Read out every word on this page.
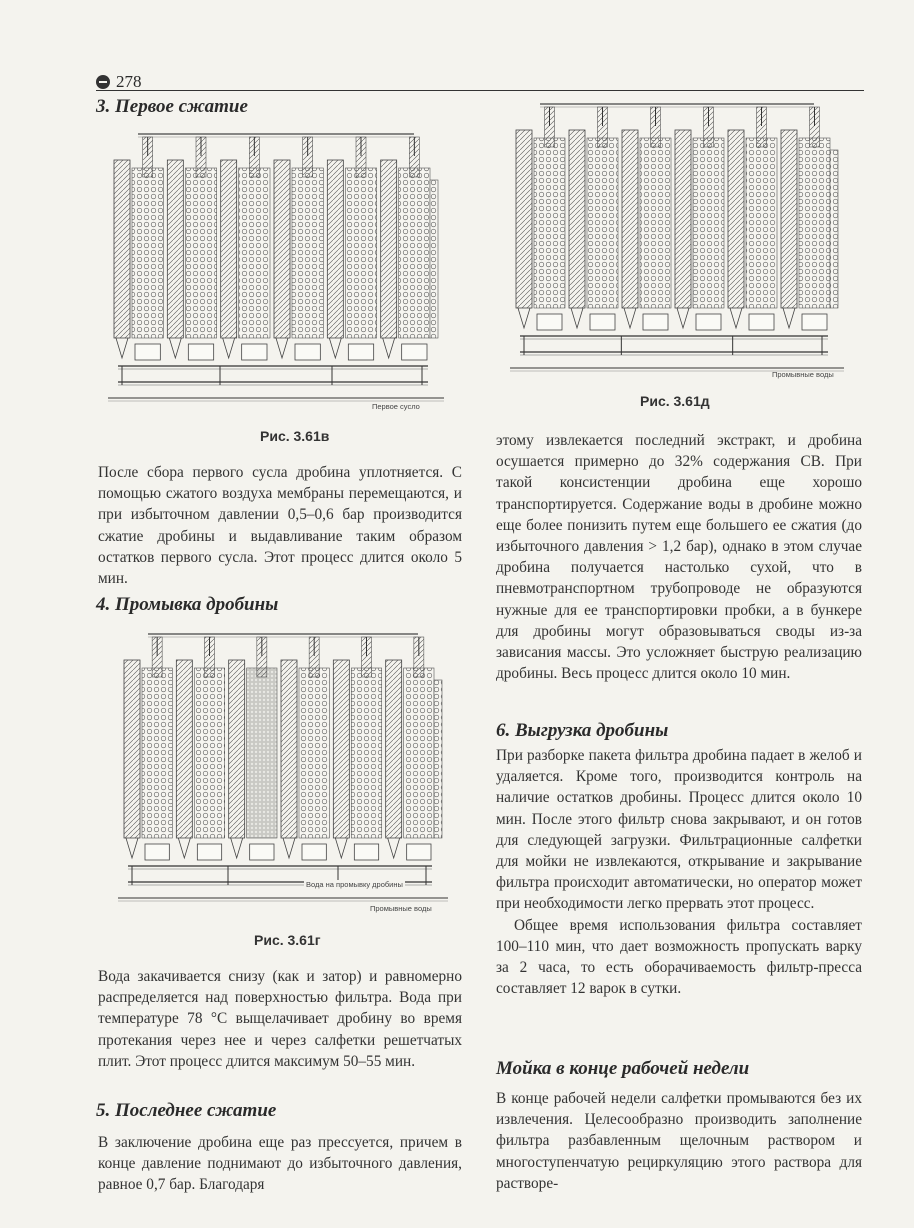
278
3. Первое сжатие
Первое сусло
Рис. 3.61в

После сбора первого сусла дробина уплотняется. С помощью сжатого воздуха мембраны перемещаются, и при избыточном давлении 0,5–0,6 бар производится сжатие дробины и выдавливание таким образом остатков первого сусла. Этот процесс длится около 5 мин.

4. Промывка дробины
Вода на промывку дробины
Промывные воды
Рис. 3.61г

Вода закачивается снизу (как и затор) и равномерно распределяется над поверхностью фильтра. Вода при температуре 78 °C выщелачивает дробину во время протекания через нее и через салфетки решетчатых плит. Этот процесс длится максимум 50–55 мин.

5. Последнее сжатие

В заключение дробина еще раз прессуется, причем в конце давление поднимают до избыточного давления, равное 0,7 бар. Благодаря

Промывные воды
Рис. 3.61д

этому извлекается последний экстракт, и дробина осушается примерно до 32% содержания СВ. При такой консистенции дробина еще хорошо транспортируется. Содержание воды в дробине можно еще более понизить путем еще большего ее сжатия (до избыточного давления > 1,2 бар), однако в этом случае дробина получается настолько сухой, что в пневмотранспортном трубопроводе не образуются нужные для ее транспортировки пробки, а в бункере для дробины могут образовываться своды из-за зависания массы. Это усложняет быструю реализацию дробины. Весь процесс длится около 10 мин.

6. Выгрузка дробины

При разборке пакета фильтра дробина падает в желоб и удаляется. Кроме того, производится контроль на наличие остатков дробины. Процесс длится около 10 мин. После этого фильтр снова закрывают, и он готов для следующей загрузки. Фильтрационные салфетки для мойки не извлекаются, открывание и закрывание фильтра происходит автоматически, но оператор может при необходимости легко прервать этот процесс.

Общее время использования фильтра составляет 100–110 мин, что дает возможность пропускать варку за 2 часа, то есть оборачиваемость фильтр-пресса составляет 12 варок в сутки.

Мойка в конце рабочей недели

В конце рабочей недели салфетки промываются без их извлечения. Целесообразно производить заполнение фильтра разбавленным щелочным раствором и многоступенчатую рециркуляцию этого раствора для растворе-
